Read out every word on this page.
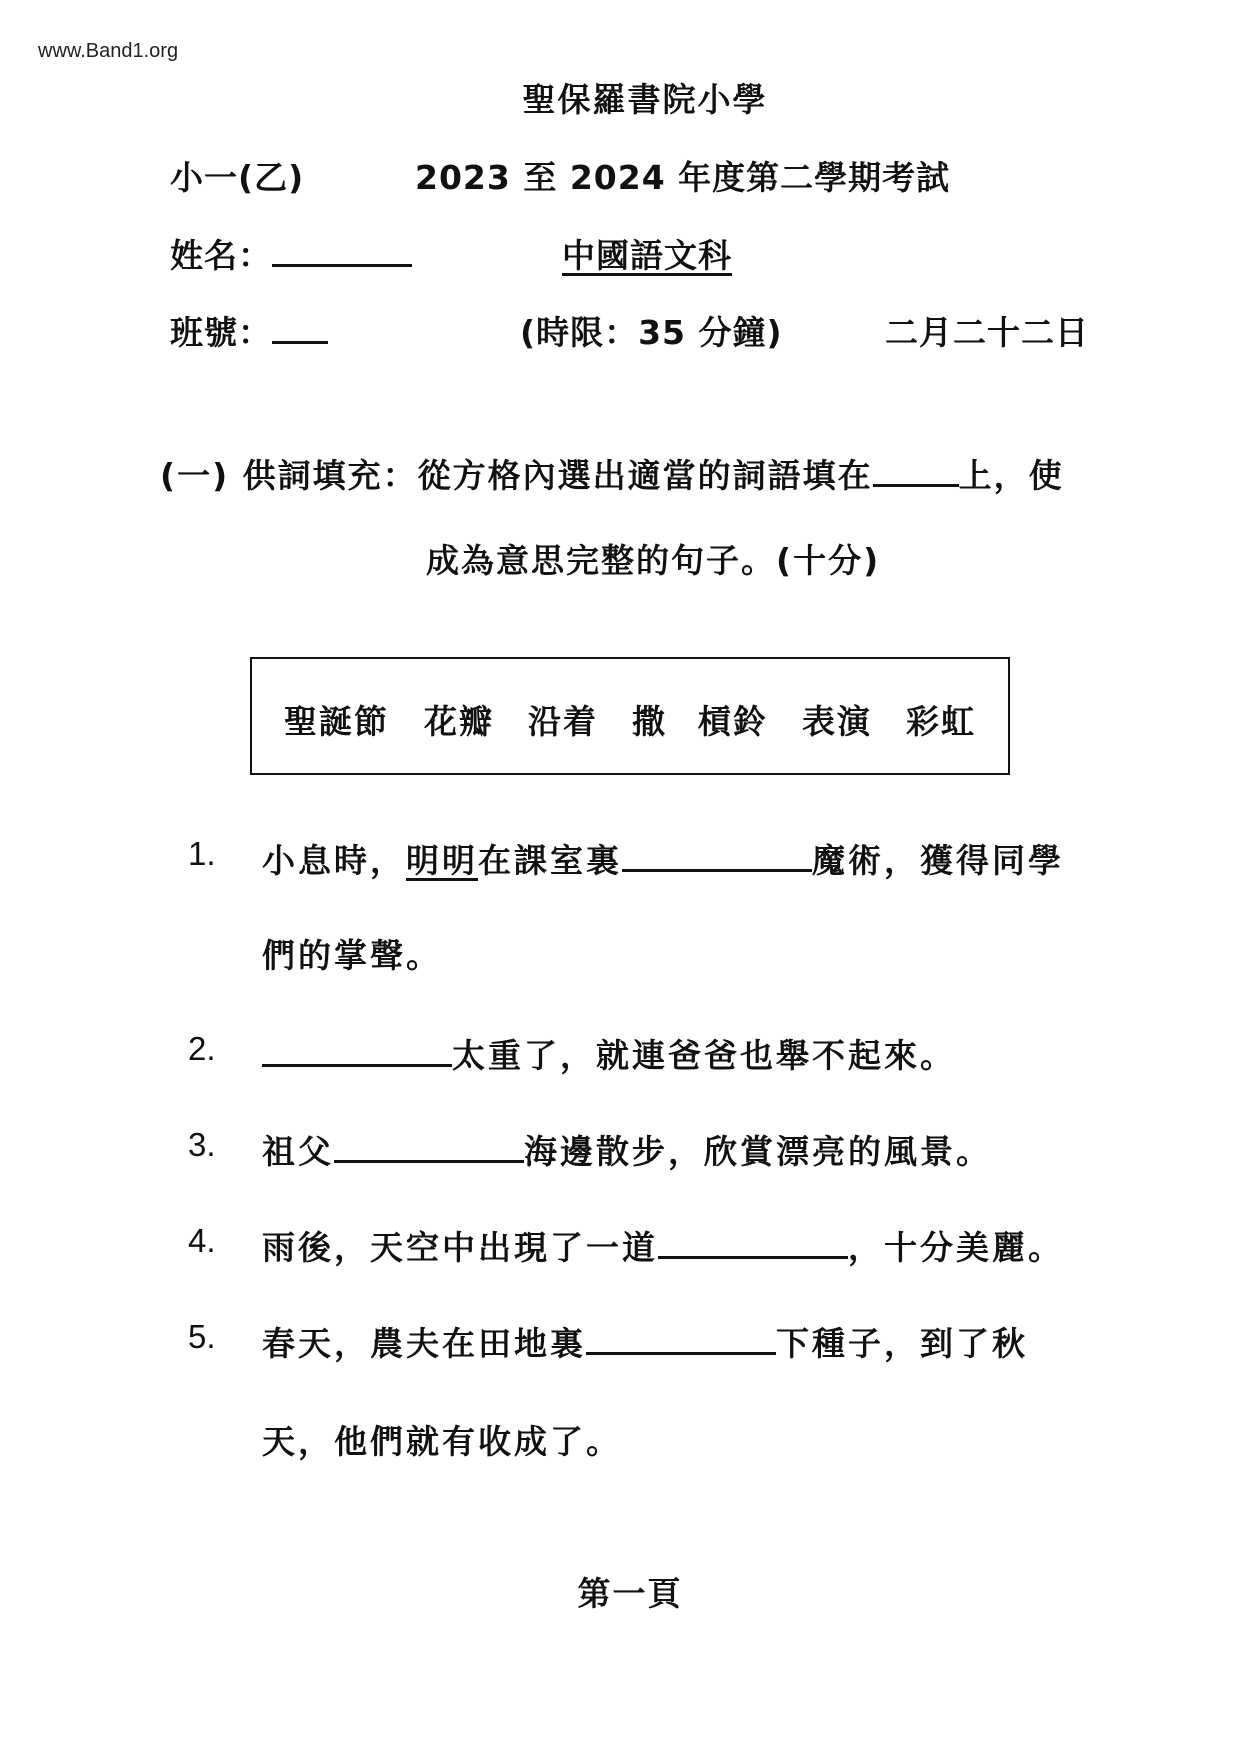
www.Band1.org
聖保羅書院小學
小一(乙)	2023 至 2024 年度第二學期考試
姓名：	中國語文科
班號：	(時限：35 分鐘)	二月二十二日
(一) 供詞填充：從方格內選出適當的詞語填在	上，使
成為意思完整的句子。(十分)
聖誕節 花瓣 沿着 撒 槓鈴 表演 彩虹
1. 小息時，明明在課室裏	魔術，獲得同學
們的掌聲。
2.	太重了，就連爸爸也舉不起來。
3. 祖父	海邊散步，欣賞漂亮的風景。
4. 雨後，天空中出現了一道	，十分美麗。
5. 春天，農夫在田地裏	下種子，到了秋
天，他們就有收成了。
第一頁
